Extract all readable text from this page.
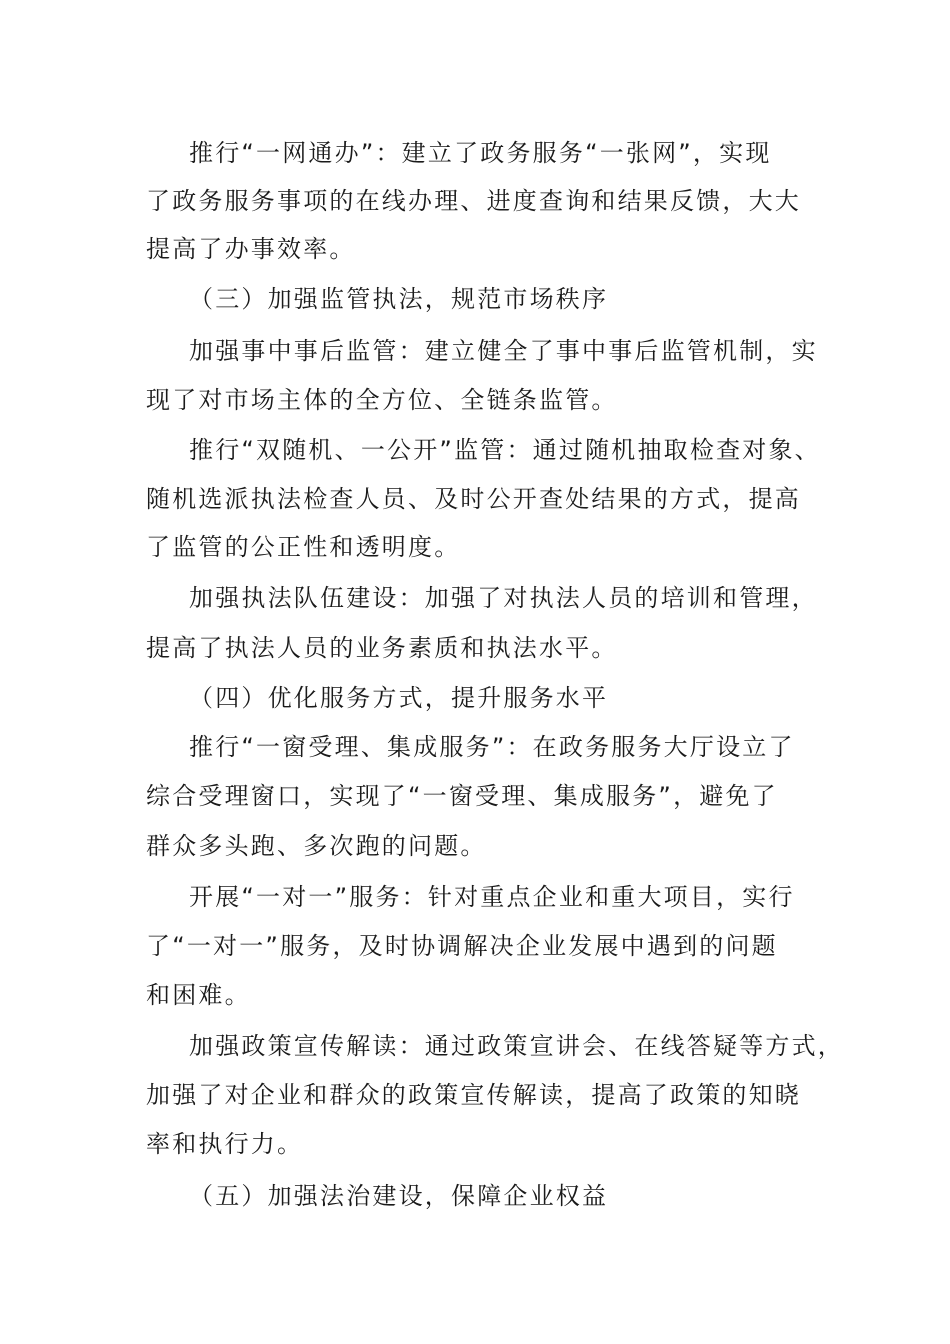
推行“一网通办”：建立了政务服务“一张网”，实现
了政务服务事项的在线办理、进度查询和结果反馈，大大
提高了办事效率。
（三）加强监管执法，规范市场秩序
加强事中事后监管：建立健全了事中事后监管机制，实
现了对市场主体的全方位、全链条监管。
推行“双随机、一公开”监管：通过随机抽取检查对象、
随机选派执法检查人员、及时公开查处结果的方式，提高
了监管的公正性和透明度。
加强执法队伍建设：加强了对执法人员的培训和管理，
提高了执法人员的业务素质和执法水平。
（四）优化服务方式，提升服务水平
推行“一窗受理、集成服务”：在政务服务大厅设立了
综合受理窗口，实现了“一窗受理、集成服务”，避免了
群众多头跑、多次跑的问题。
开展“一对一”服务：针对重点企业和重大项目，实行
了“一对一”服务，及时协调解决企业发展中遇到的问题
和困难。
加强政策宣传解读：通过政策宣讲会、在线答疑等方式，
加强了对企业和群众的政策宣传解读，提高了政策的知晓
率和执行力。
（五）加强法治建设，保障企业权益
